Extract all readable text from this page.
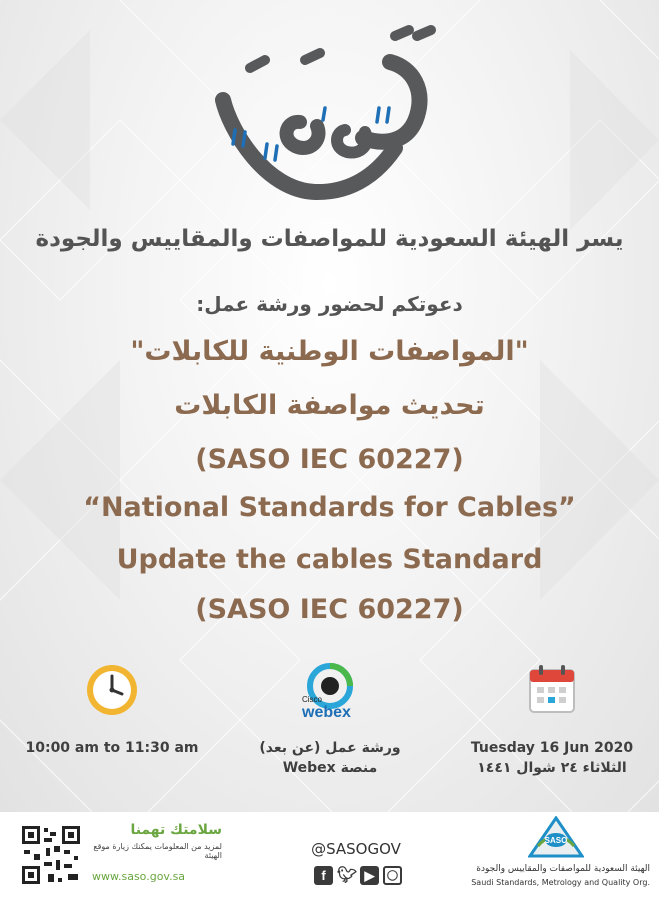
يسر الهيئة السعودية للمواصفات والمقاييس والجودة
دعوتكم لحضور ورشة عمل:
"المواصفات الوطنية للكابلات"
تحديث مواصفة الكابلات
(SASO IEC 60227)
“National Standards for Cables”
Update the cables Standard
(SASO IEC 60227)
10:00 am to 11:30 am
Cisco
webex
ورشة عمل (عن بعد)
منصة Webex
Tuesday 16 Jun 2020
الثلاثاء ٢٤ شوال ١٤٤١
سلامتك تهمنا
لمزيد من المعلومات يمكنك زيارة موقع الهيئة
www.saso.gov.sa
@SASOGOV
f 🐦︎ ▶	◯
SASO
الهيئة السعودية للمواصفات والمقاييس والجودة
Saudi Standards, Metrology and Quality Org.
